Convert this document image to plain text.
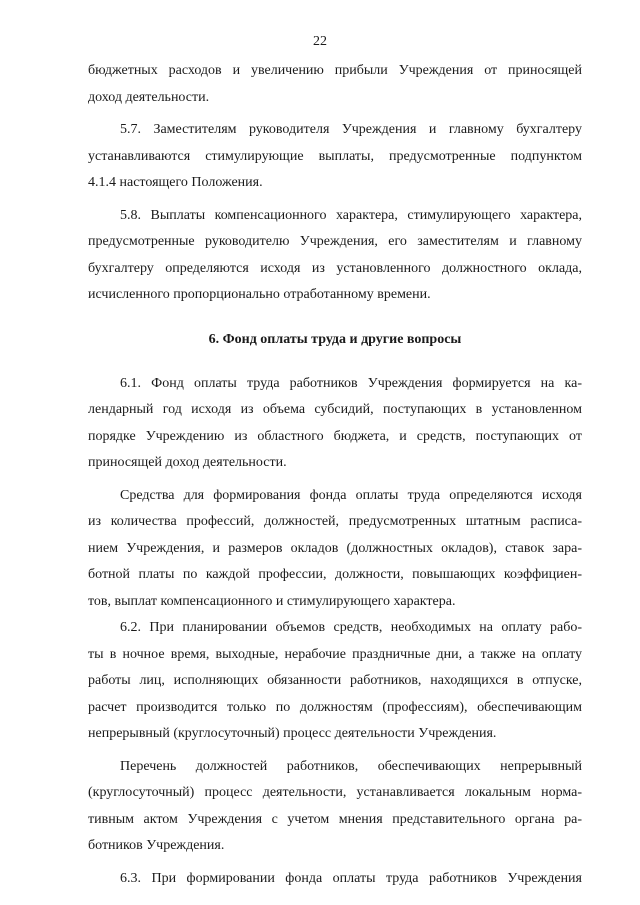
22
бюджетных расходов и увеличению прибыли Учреждения от приносящей
доход деятельности.
5.7. Заместителям руководителя Учреждения и главному бухгалтеру
устанавливаются стимулирующие выплаты, предусмотренные подпунктом
4.1.4 настоящего Положения.
5.8. Выплаты компенсационного характера, стимулирующего характера,
предусмотренные руководителю Учреждения, его заместителям и главному
бухгалтеру определяются исходя из установленного должностного оклада,
исчисленного пропорционально отработанному времени.
6. Фонд оплаты труда и другие вопросы
6.1. Фонд оплаты труда работников Учреждения формируется на ка-
лендарный год исходя из объема субсидий, поступающих в установленном
порядке Учреждению из областного бюджета, и средств, поступающих от
приносящей доход деятельности.
Средства для формирования фонда оплаты труда определяются исходя
из количества профессий, должностей, предусмотренных штатным расписа-
нием Учреждения, и размеров окладов (должностных окладов), ставок зара-
ботной платы по каждой профессии, должности, повышающих коэффициен-
тов, выплат компенсационного и стимулирующего характера.
6.2. При планировании объемов средств, необходимых на оплату рабо-
ты в ночное время, выходные, нерабочие праздничные дни, а также на оплату
работы лиц, исполняющих обязанности работников, находящихся в отпуске,
расчет производится только по должностям (профессиям), обеспечивающим
непрерывный (круглосуточный) процесс деятельности Учреждения.
Перечень должностей работников, обеспечивающих непрерывный
(круглосуточный) процесс деятельности, устанавливается локальным норма-
тивным актом Учреждения с учетом мнения представительного органа ра-
ботников Учреждения.
6.3. При формировании фонда оплаты труда работников Учреждения
